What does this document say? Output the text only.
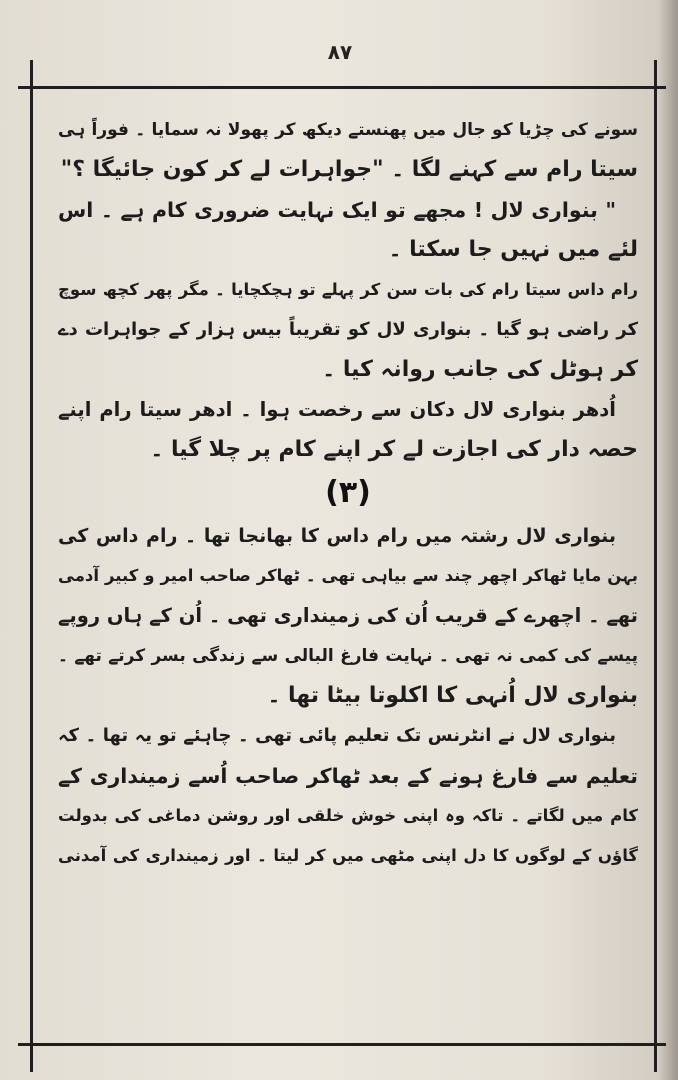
۸۷
سونے کی چڑیا کو جال میں پھنستے دیکھ کر پھولا نہ سمایا ۔ فوراً ہی
سیتا رام سے کہنے لگا ۔ "جواہرات لے کر کون جائیگا ؟"
" بنواری لال ! مجھے تو ایک نہایت ضروری کام ہے ۔ اس
لئے میں نہیں جا سکتا ۔
رام داس سیتا رام کی بات سن کر پہلے تو ہچکچایا ۔ مگر پھر کچھ سوچ
کر راضی ہو گیا ۔ بنواری لال کو تقریباً بیس ہزار کے جواہرات دے
کر ہوٹل کی جانب روانہ کیا ۔
اُدھر بنواری لال دکان سے رخصت ہوا ۔ ادھر سیتا رام اپنے
حصہ دار کی اجازت لے کر اپنے کام پر چلا گیا ۔
(۳)
بنواری لال رشتہ میں رام داس کا بھانجا تھا ۔ رام داس کی
بہن مایا ٹھاکر اچھر چند سے بیاہی تھی ۔ ٹھاکر صاحب امیر و کبیر آدمی
تھے ۔ اچھرے کے قریب اُن کی زمینداری تھی ۔ اُن کے ہاں روپے
پیسے کی کمی نہ تھی ۔ نہایت فارغ البالی سے زندگی بسر کرتے تھے ۔
بنواری لال اُنہی کا اکلوتا بیٹا تھا ۔
بنواری لال نے انٹرنس تک تعلیم پائی تھی ۔ چاہئے تو یہ تھا ۔ کہ
تعلیم سے فارغ ہونے کے بعد ٹھاکر صاحب اُسے زمینداری کے
کام میں لگاتے ۔ تاکہ وہ اپنی خوش خلقی اور روشن دماغی کی بدولت
گاؤں کے لوگوں کا دل اپنی مٹھی میں کر لیتا ۔ اور زمینداری کی آمدنی
